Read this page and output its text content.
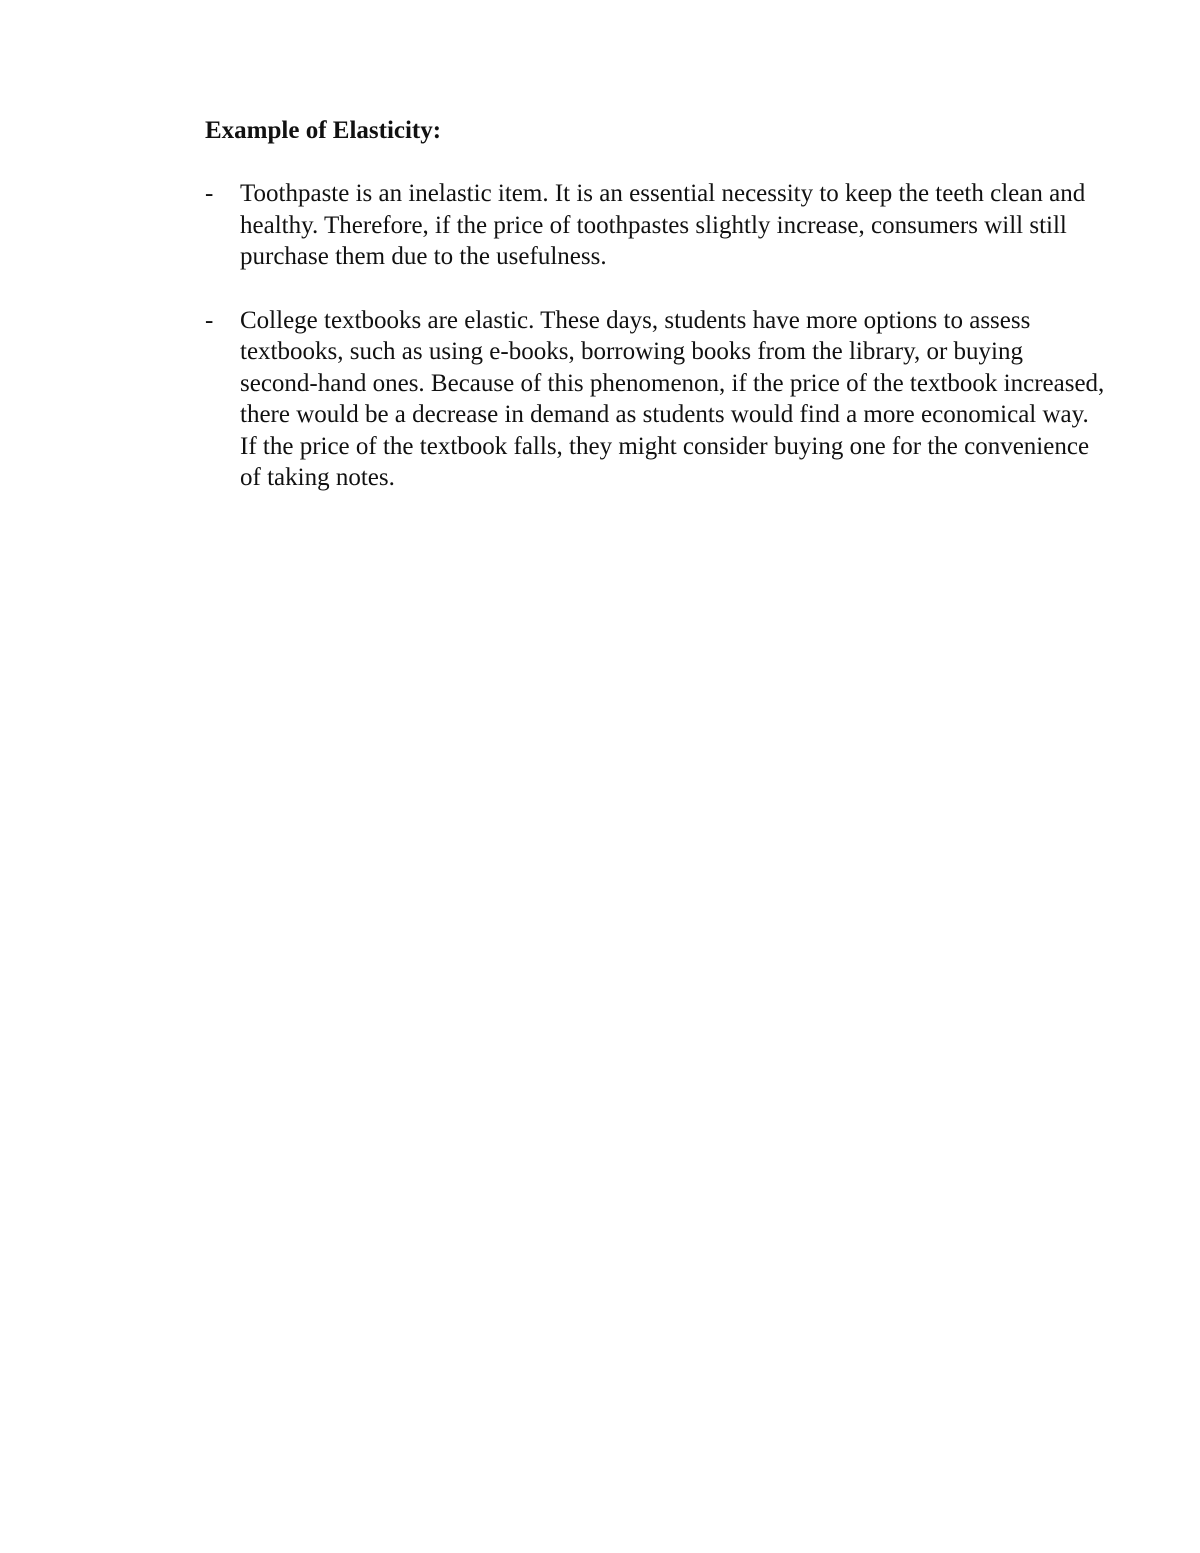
Example of Elasticity:
-	Toothpaste is an inelastic item. It is an essential necessity to keep the teeth clean and healthy. Therefore, if the price of toothpastes slightly increase, consumers will still purchase them due to the usefulness.
-	College textbooks are elastic. These days, students have more options to assess textbooks, such as using e-books, borrowing books from the library, or buying second-hand ones. Because of this phenomenon, if the price of the textbook increased, there would be a decrease in demand as students would find a more economical way. If the price of the textbook falls, they might consider buying one for the convenience of taking notes.
